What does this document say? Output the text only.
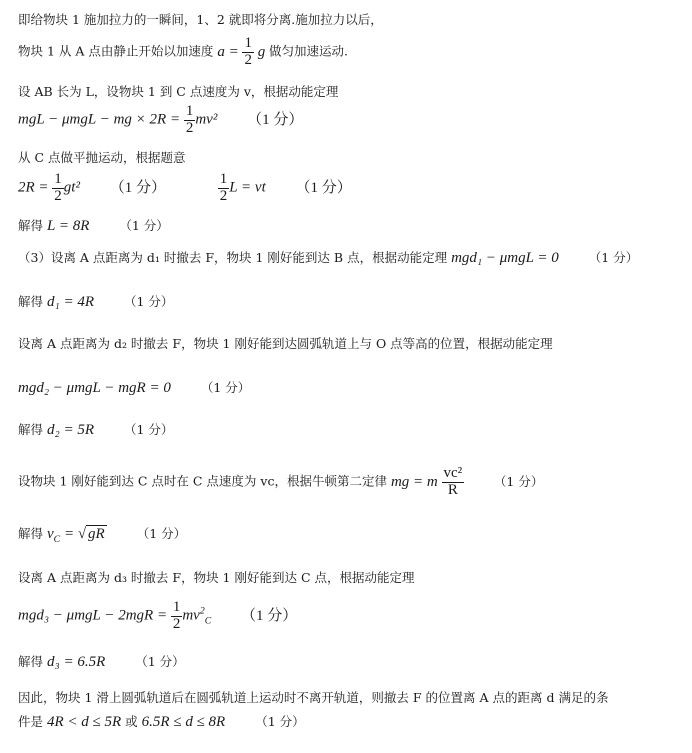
即给物块 1 施加拉力的一瞬间，1、2 就即将分离.施加拉力以后，
物块 1 从 A 点由静止开始以加速度 $a = \frac{1}{2}$ g 做匀加速运动.
设 AB 长为 L，设物块 1 到 C 点速度为 v，根据动能定理
mgL − μmgL − mg × $2R = \frac{1}{2} mv^2$ （1 分）
从 C 点做平抛运动，根据题意
$2R = \frac{1}{2} gt^2$ （1 分）	$\frac{1}{2}$ L = vt （1 分）
解得 L = 8R （1 分）
（3）设离 A 点距离为 d₁ 时撤去 F，物块 1 刚好能到达 B 点，根据动能定理 mgd₁ − μmgL = 0 （1 分）
解得 d₁ = 4R （1 分）
设离 A 点距离为 d₂ 时撤去 F，物块 1 刚好能到达圆弧轨道上与 O 点等高的位置，根据动能定理
mgd₂ − μmgL − mgR = 0 （1 分）
解得 d₂ = 5R （1 分）
设物块 1 刚好能到达 C 点时在 C 点速度为 vc，根据牛顿第二定律 mg = m $\frac{\text{vc²}}{R} (1$ 分）
解得 $v_C$ = √ gR	（1 分）
设离 A 点距离为 d₃ 时撤去 F，物块 1 刚好能到达 C 点，根据动能定理
$mgd_3 - \mu mgL - 2mgR = \frac{1}{2} mv^2_C$ （1 分）
解得 d₃ = 6.5R （1 分）
因此，物块 1 滑上圆弧轨道后在圆弧轨道上运动时不离开轨道，则撤去 F 的位置离 A 点的距离 d 满足的条
件是 4R < d ≤ 5R 或 6.5R ≤ d ≤ 8R （1 分）
